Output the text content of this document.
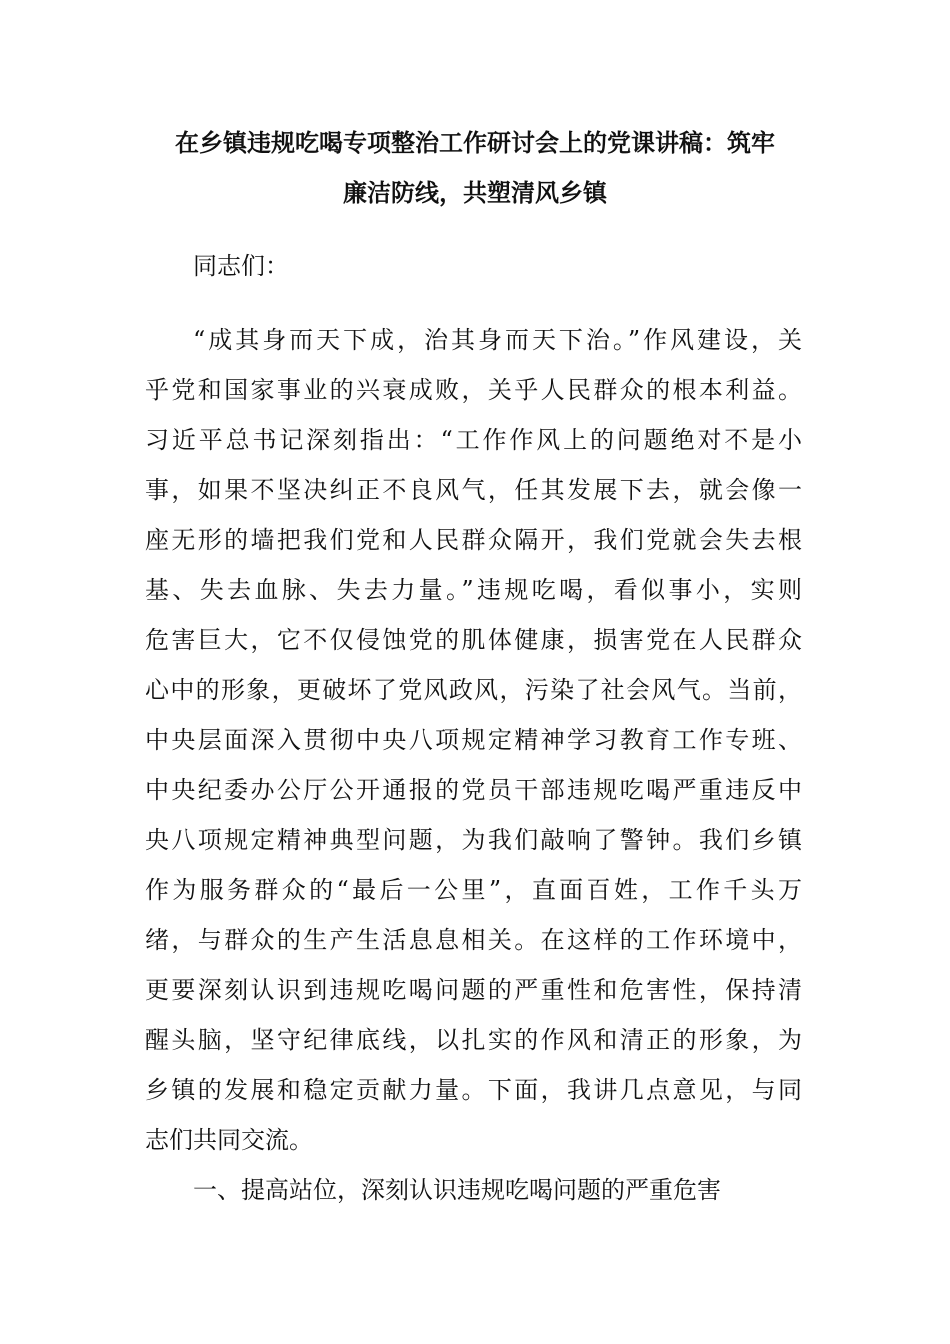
在乡镇违规吃喝专项整治工作研讨会上的党课讲稿：筑牢
廉洁防线，共塑清风乡镇
同志们：
“成其身而天下成，治其身而天下治。”作风建设，关
乎党和国家事业的兴衰成败，关乎人民群众的根本利益。
习近平总书记深刻指出：“工作作风上的问题绝对不是小
事，如果不坚决纠正不良风气，任其发展下去，就会像一
座无形的墙把我们党和人民群众隔开，我们党就会失去根
基、失去血脉、失去力量。”违规吃喝，看似事小，实则
危害巨大，它不仅侵蚀党的肌体健康，损害党在人民群众
心中的形象，更破坏了党风政风，污染了社会风气。当前，
中央层面深入贯彻中央八项规定精神学习教育工作专班、
中央纪委办公厅公开通报的党员干部违规吃喝严重违反中
央八项规定精神典型问题，为我们敲响了警钟。我们乡镇
作为服务群众的“最后一公里”，直面百姓，工作千头万
绪，与群众的生产生活息息相关。在这样的工作环境中，
更要深刻认识到违规吃喝问题的严重性和危害性，保持清
醒头脑，坚守纪律底线，以扎实的作风和清正的形象，为
乡镇的发展和稳定贡献力量。下面，我讲几点意见，与同
志们共同交流。
一、提高站位，深刻认识违规吃喝问题的严重危害
